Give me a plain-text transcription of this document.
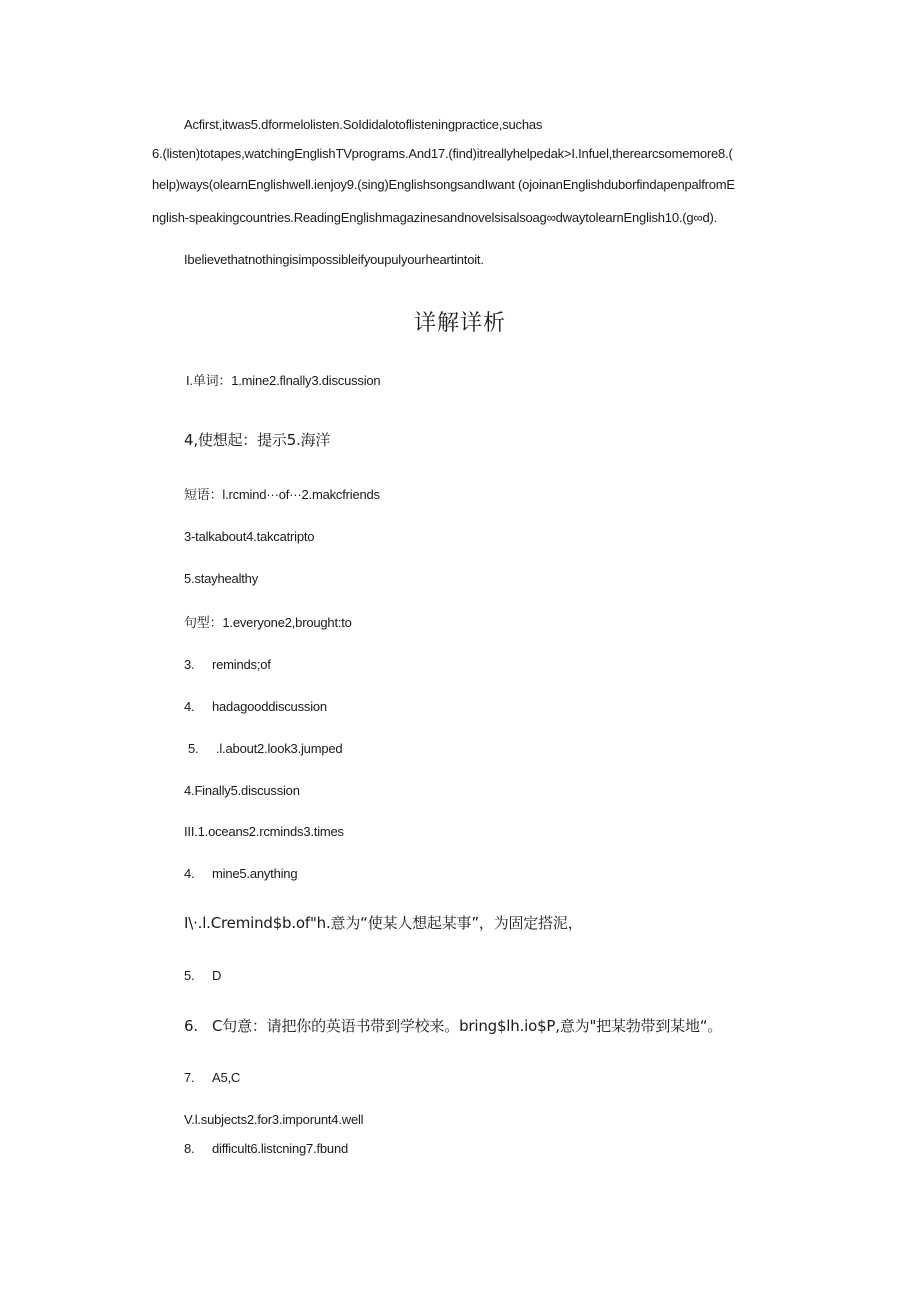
Acfirst,itwas5.dformelolisten.SoIdidalotoflisteningpractice,suchas
6.(listen)totapes,watchingEnglishTVprograms.And17.(find)itreallyhelpedak>I.Infuel,therearcsomemore8.(
help)ways(olearnEnglishwell.ienjoy9.(sing)EnglishsongsandIwant (ojoinanEnglishduborfindapenpalfromE
nglish-speakingcountries.ReadingEnglishmagazinesandnovelsisalsoag∞dwaytolearnEnglish10.(g∞d).
Ibelievethatnothingisimpossibleifyoupulyourheartintoit.
详解详析
I.单词：1.mine2.flnally3.discussion
4,使想起：提示5.海洋
短语：l.rcmind···of···2.makcfriends
3-talkabout4.takcatripto
5.stayhealthy
句型：1.everyone2,brought:to
3. reminds;of
4. hadagooddiscussion
5. .l.about2.look3.jumped
4.Finally5.discussion
III.1.oceans2.rcminds3.times
4. mine5.anything
I\·.l.Cremind$b.of"h.意为“使某人想起某事”，为固定搭泥，
5. D
6. C句意：请把你的英语书带到学校来。bring$lh.io$P,意为"把某勃带到某地“。
7. A5,C
V.l.subjects2.for3.imporunt4.well
8. difficult6.listcning7.fbund
